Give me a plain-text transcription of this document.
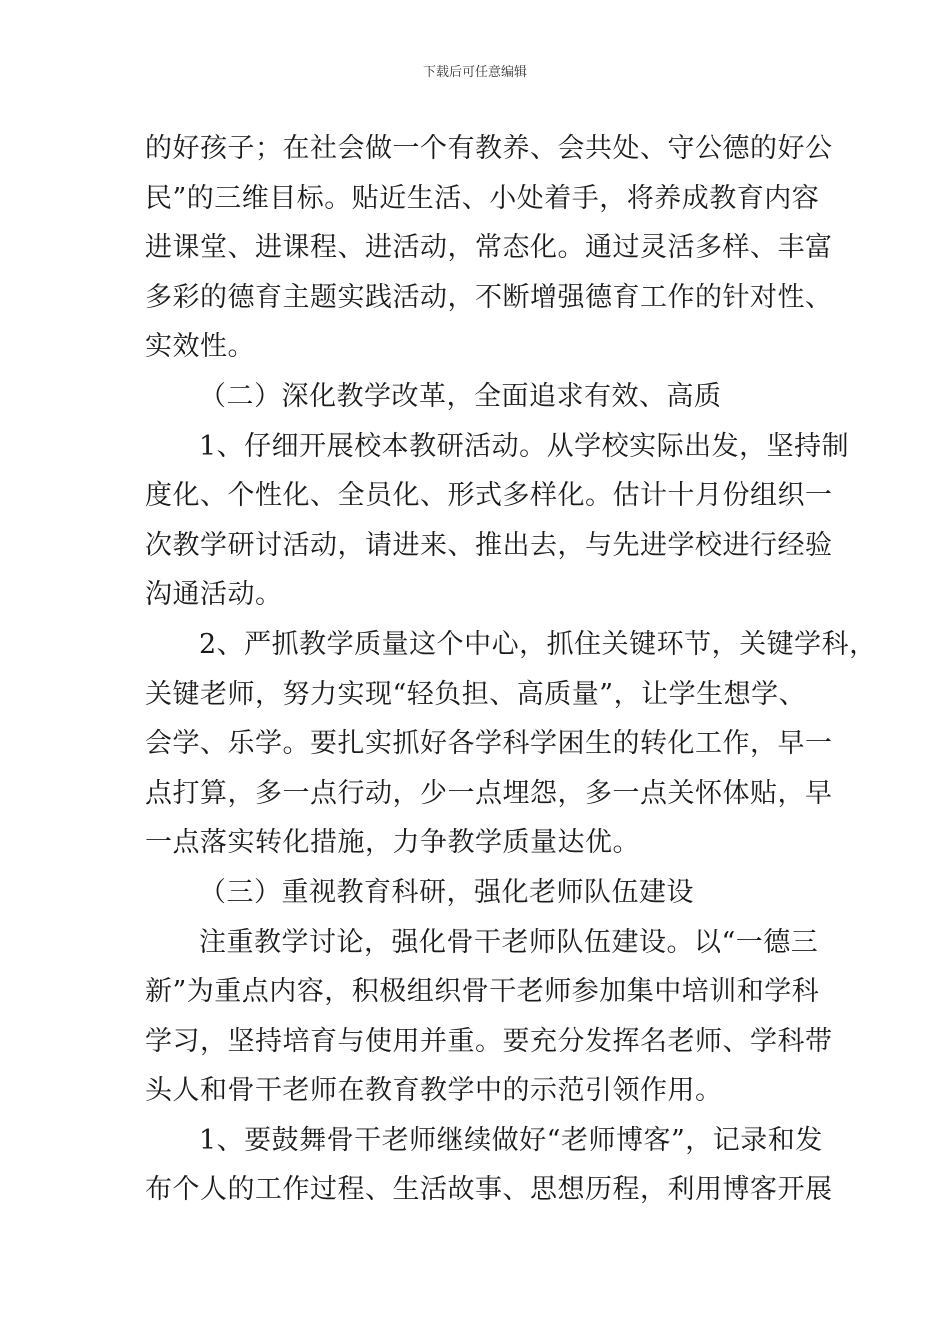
下载后可任意编辑
的好孩子；在社会做一个有教养、会共处、守公德的好公
民”的三维目标。贴近生活、小处着手，将养成教育内容
进课堂、进课程、进活动，常态化。通过灵活多样、丰富
多彩的德育主题实践活动，不断增强德育工作的针对性、
实效性。
（二）深化教学改革，全面追求有效、高质
1、仔细开展校本教研活动。从学校实际出发，坚持制
度化、个性化、全员化、形式多样化。估计十月份组织一
次教学研讨活动，请进来、推出去，与先进学校进行经验
沟通活动。
2、严抓教学质量这个中心，抓住关键环节，关键学科，
关键老师，努力实现“轻负担、高质量”，让学生想学、
会学、乐学。要扎实抓好各学科学困生的转化工作，早一
点打算，多一点行动，少一点埋怨，多一点关怀体贴，早
一点落实转化措施，力争教学质量达优。
（三）重视教育科研，强化老师队伍建设
注重教学讨论，强化骨干老师队伍建设。以“一德三
新”为重点内容，积极组织骨干老师参加集中培训和学科
学习，坚持培育与使用并重。要充分发挥名老师、学科带
头人和骨干老师在教育教学中的示范引领作用。
1、要鼓舞骨干老师继续做好“老师博客”，记录和发
布个人的工作过程、生活故事、思想历程，利用博客开展
